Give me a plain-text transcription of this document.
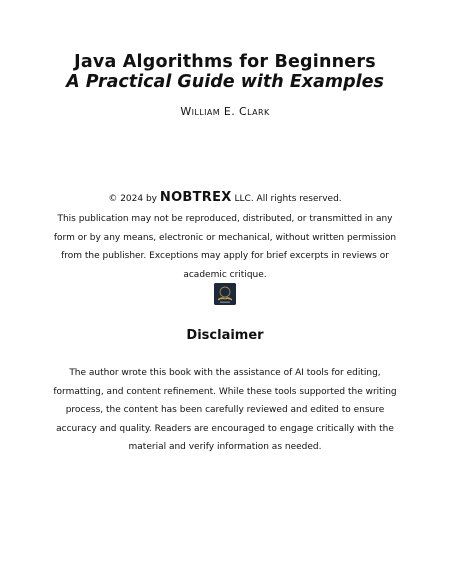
Java Algorithms for Beginners
A Practical Guide with Examples
William E. Clark
© 2024 by NOBTREX LLC. All rights reserved.
This publication may not be reproduced, distributed, or transmitted in any form or by any means, electronic or mechanical, without written permission from the publisher. Exceptions may apply for brief excerpts in reviews or academic critique.
Disclaimer
The author wrote this book with the assistance of AI tools for editing, formatting, and content refinement. While these tools supported the writing process, the content has been carefully reviewed and edited to ensure accuracy and quality. Readers are encouraged to engage critically with the material and verify information as needed.
